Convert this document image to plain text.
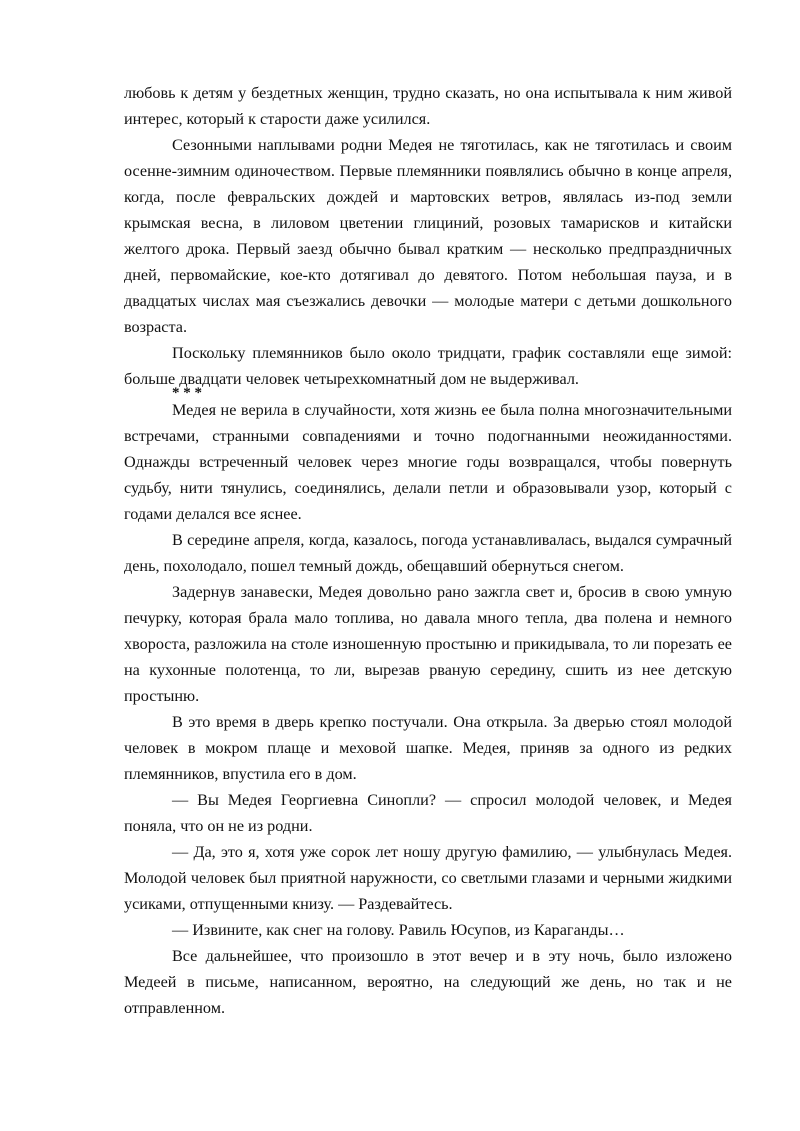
любовь к детям у бездетных женщин, трудно сказать, но она испытывала к ним живой
интерес, который к старости даже усилился.
Сезонными наплывами родни Медея не тяготилась, как не тяготилась и своим
осенне-зимним одиночеством. Первые племянники появлялись обычно в конце апреля,
когда, после февральских дождей и мартовских ветров, являлась из-под земли
крымская весна, в лиловом цветении глициний, розовых тамарисков и китайски
желтого дрока. Первый заезд обычно бывал кратким — несколько предпраздничных
дней, первомайские, кое-кто дотягивал до девятого. Потом небольшая пауза, и в
двадцатых числах мая съезжались девочки — молодые матери с детьми дошкольного
возраста.
Поскольку племянников было около тридцати, график составляли еще зимой:
больше двадцати человек четырехкомнатный дом не выдерживал.
* * *
Медея не верила в случайности, хотя жизнь ее была полна многозначительными
встречами, странными совпадениями и точно подогнанными неожиданностями.
Однажды встреченный человек через многие годы возвращался, чтобы повернуть
судьбу, нити тянулись, соединялись, делали петли и образовывали узор, который с
годами делался все яснее.
В середине апреля, когда, казалось, погода устанавливалась, выдался сумрачный
день, похолодало, пошел темный дождь, обещавший обернуться снегом.
Задернув занавески, Медея довольно рано зажгла свет и, бросив в свою умную
печурку, которая брала мало топлива, но давала много тепла, два полена и немного
хвороста, разложила на столе изношенную простыню и прикидывала, то ли порезать ее
на кухонные полотенца, то ли, вырезав рваную середину, сшить из нее детскую
простыню.
В это время в дверь крепко постучали. Она открыла. За дверью стоял молодой
человек в мокром плаще и меховой шапке. Медея, приняв за одного из редких
племянников, впустила его в дом.
— Вы Медея Георгиевна Синопли? — спросил молодой человек, и Медея
поняла, что он не из родни.
— Да, это я, хотя уже сорок лет ношу другую фамилию, — улыбнулась Медея.
Молодой человек был приятной наружности, со светлыми глазами и черными жидкими
усиками, отпущенными книзу. — Раздевайтесь.
— Извините, как снег на голову. Равиль Юсупов, из Караганды…
Все дальнейшее, что произошло в этот вечер и в эту ночь, было изложено
Медеей в письме, написанном, вероятно, на следующий же день, но так и не
отправленном.
